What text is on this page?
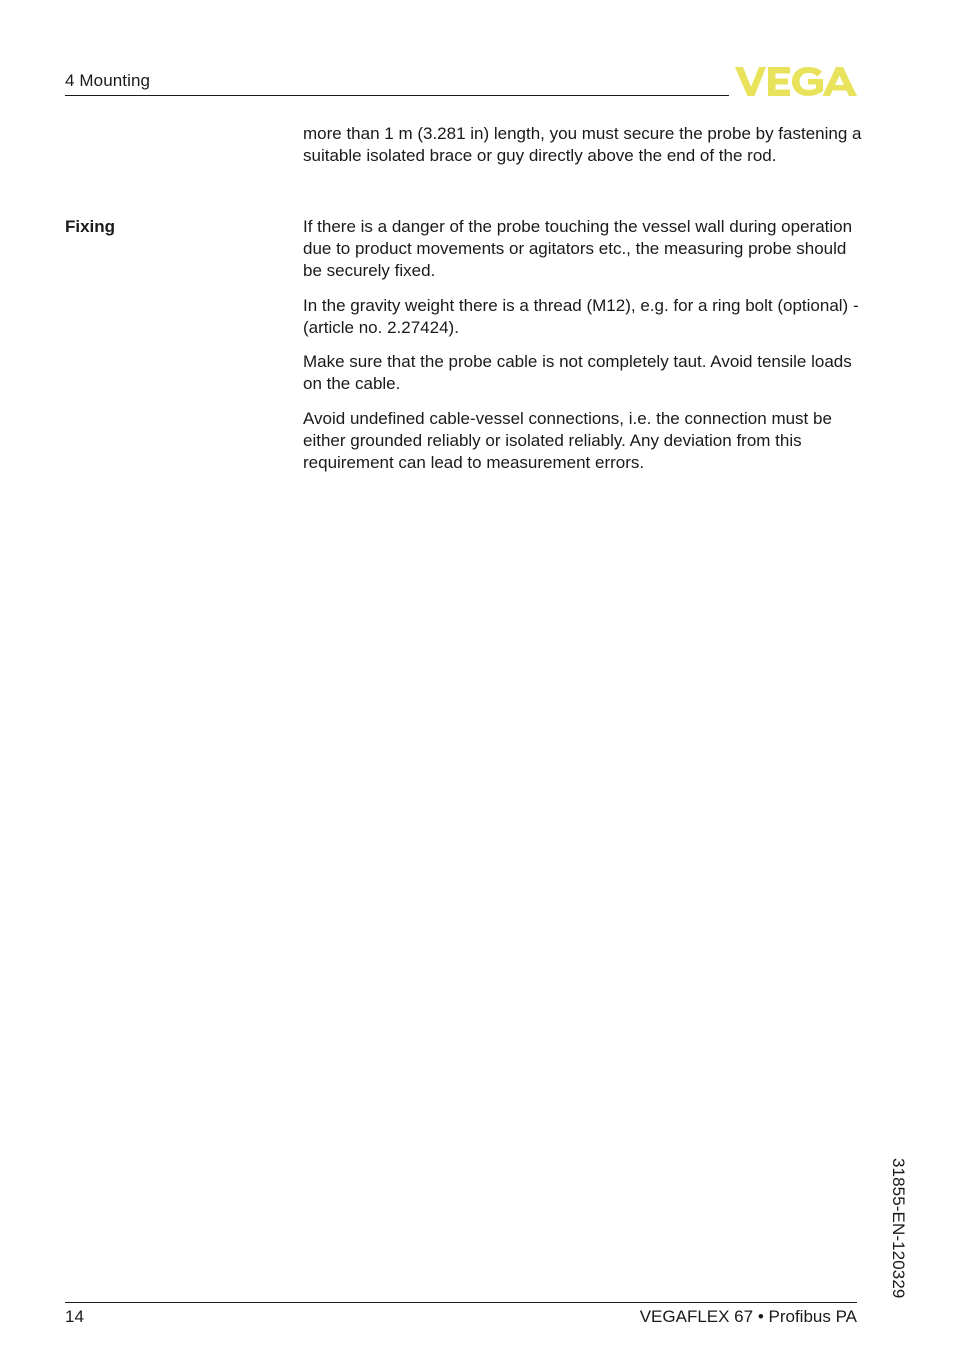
4 Mounting

more than 1 m (3.281 in) length, you must secure the probe by fastening a suitable isolated brace or guy directly above the end of the rod.

Fixing	If there is a danger of the probe touching the vessel wall during operation due to product movements or agitators etc., the measuring probe should be securely fixed.

In the gravity weight there is a thread (M12), e.g. for a ring bolt (optional) - (article no. 2.27424).

Make sure that the probe cable is not completely taut. Avoid tensile loads on the cable.

Avoid undefined cable-vessel connections, i.e. the connection must be either grounded reliably or isolated reliably. Any deviation from this requirement can lead to measurement errors.

31855-EN-120329
14	VEGAFLEX 67 • Profibus PA
